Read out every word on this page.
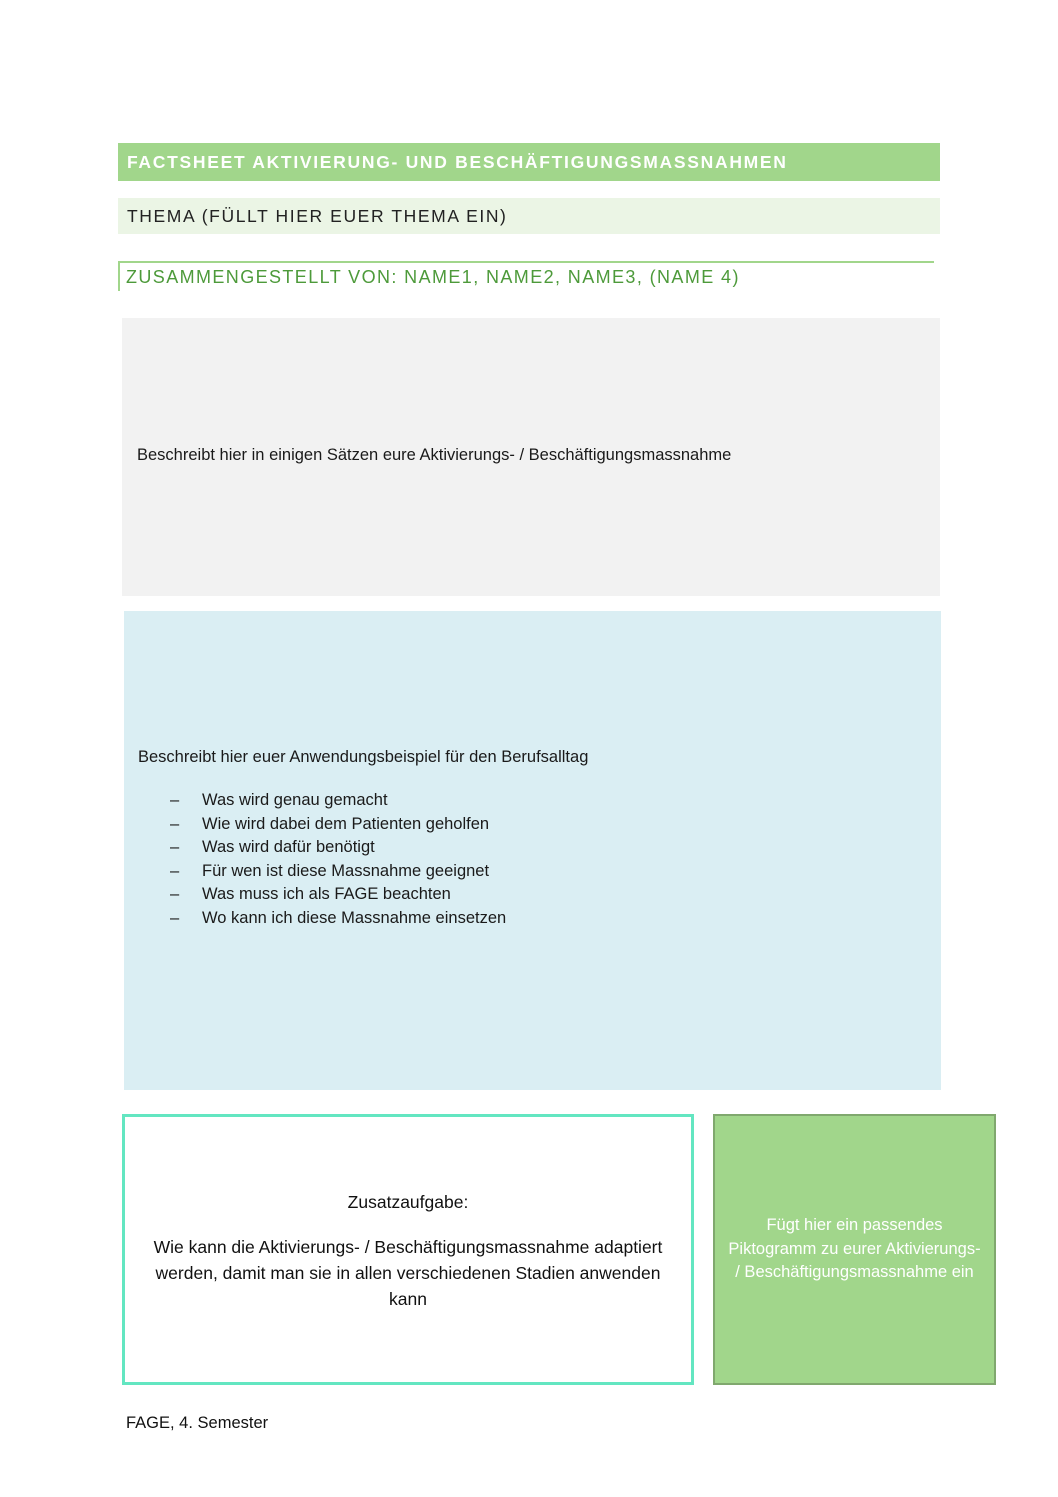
FACTSHEET AKTIVIERUNG- UND BESCHÄFTIGUNGSMASSNAHMEN
THEMA (FÜLLT HIER EUER THEMA EIN)
ZUSAMMENGESTELLT VON: NAME1, NAME2, NAME3, (NAME 4)
Beschreibt hier in einigen Sätzen eure Aktivierungs- / Beschäftigungsmassnahme
Beschreibt hier euer Anwendungsbeispiel für den Berufsalltag
–	Was wird genau gemacht
–	Wie wird dabei dem Patienten geholfen
–	Was wird dafür benötigt
–	Für wen ist diese Massnahme geeignet
–	Was muss ich als FAGE beachten
–	Wo kann ich diese Massnahme einsetzen
Zusatzaufgabe:
Wie kann die Aktivierungs- / Beschäftigungsmassnahme adaptiert werden, damit man sie in allen verschiedenen Stadien anwenden kann
Fügt hier ein passendes Piktogramm zu eurer Aktivierungs- / Beschäftigungsmassnahme ein
FAGE, 4. Semester
